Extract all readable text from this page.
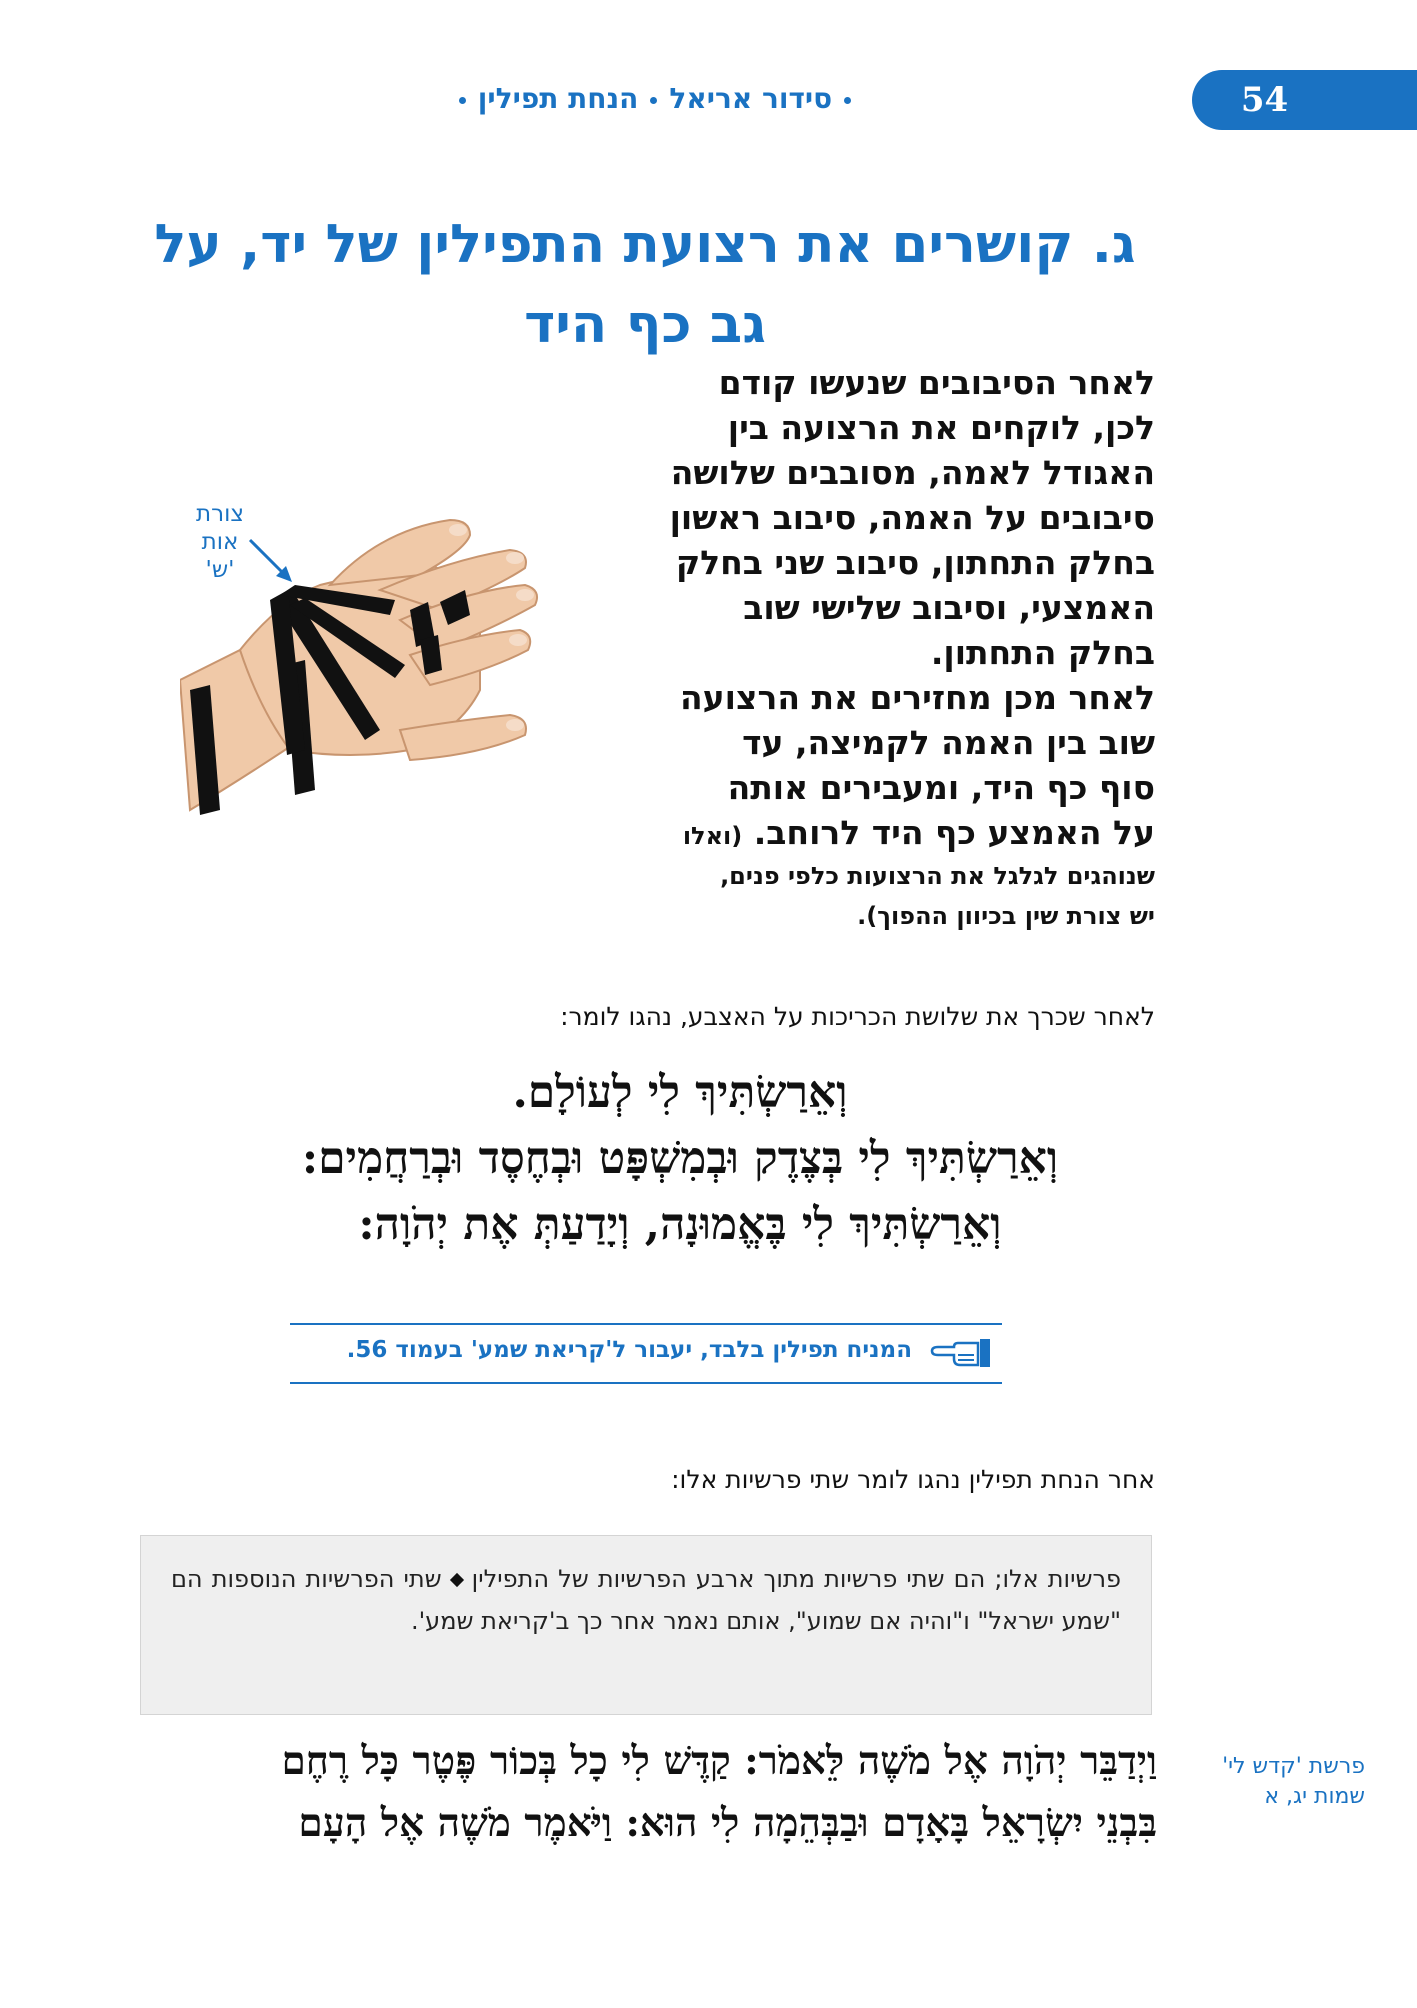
54
סידור אריאלהנחת תפילין
ג. קושרים את רצועת התפילין של יד, על גב כף היד

לאחר הסיבובים שנעשו קודם

לכן, לוקחים את הרצועה בין

האגודל לאמה, מסובבים שלושה

סיבובים על האמה, סיבוב ראשון

בחלק התחתון, סיבוב שני בחלק

האמצעי, וסיבוב שלישי שוב

בחלק התחתון.

לאחר מכן מחזירים את הרצועה

שוב בין האמה לקמיצה, עד

סוף כף היד, ומעבירים אותה

על האמצע כף היד לרוחב. (ואלו

שנוהגים לגלגל את הרצועות כלפי פנים,

יש צורת שין בכיוון ההפוך).

צורת
אות
'ש'
לאחר שכרך את שלושת הכריכות על האצבע, נהגו לומר:
וְאֵרַשְׂתִּיךְ לִי לְעוֹלָם.
וְאֵרַשְׂתִּיךְ לִי בְּצֶדֶק וּבְמִשְׁפָּט וּבְחֶסֶד וּבְרַחֲמִים:
וְאֵרַשְׂתִּיךְ לִי בֶּאֱמוּנָה, וְיָדַעַתְּ אֶת יְהֹוָה:
המניח תפילין בלבד, יעבור ל'קריאת שמע' בעמוד 56.
אחר הנחת תפילין נהגו לומר שתי פרשיות אלו:

פרשיות אלו; הם שתי פרשיות מתוך ארבע הפרשיות של התפיליןשתי הפרשיות הנוספות הם "שמע ישראל" ו"והיה אם שמוע", אותם נאמר אחר כך ב'קריאת שמע'.

פרשת 'קדש לי'
שמות יג, א
וַיְדַבֵּר יְהֹוָה אֶל מֹשֶׁה לֵּאמֹר: קַדֶּשׁ לִי כָל בְּכוֹר פֶּטֶר כָּל רֶחֶם
בִּבְנֵי יִשְׂרָאֵל בָּאָדָם וּבַבְּהֵמָה לִי הוּא: וַיֹּאמֶר מֹשֶׁה אֶל הָעָם
